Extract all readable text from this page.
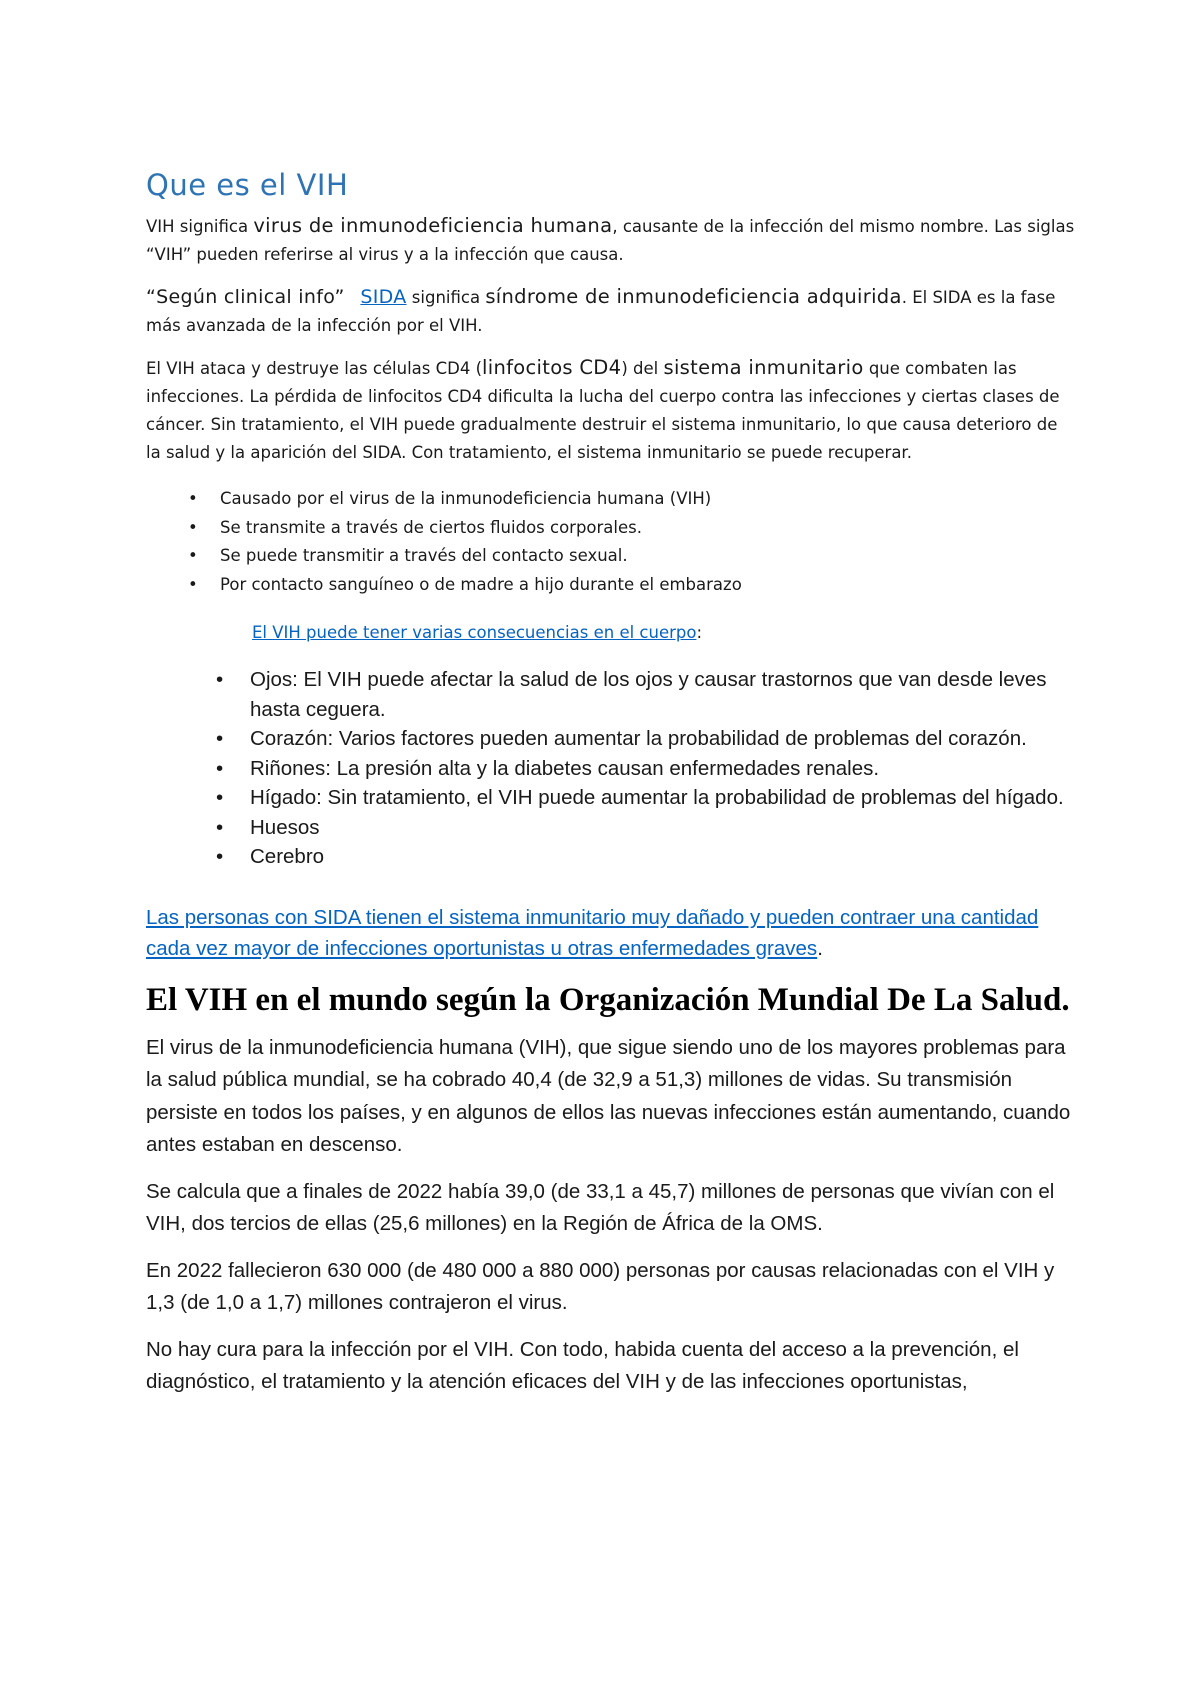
Que es el VIH

VIH significa virus de inmunodeficiencia humana, causante de la infección del mismo nombre. Las siglas “VIH” pueden referirse al virus y a la infección que causa.

“Según clinical info” SIDA significa síndrome de inmunodeficiencia adquirida. El SIDA es la fase más avanzada de la infección por el VIH.

El VIH ataca y destruye las células CD4 (linfocitos CD4) del sistema inmunitario que combaten las infecciones. La pérdida de linfocitos CD4 dificulta la lucha del cuerpo contra las infecciones y ciertas clases de cáncer. Sin tratamiento, el VIH puede gradualmente destruir el sistema inmunitario, lo que causa deterioro de la salud y la aparición del SIDA. Con tratamiento, el sistema inmunitario se puede recuperar.

• Causado por el virus de la inmunodeficiencia humana (VIH)
• Se transmite a través de ciertos fluidos corporales.
• Se puede transmitir a través del contacto sexual.
• Por contacto sanguíneo o de madre a hijo durante el embarazo

El VIH puede tener varias consecuencias en el cuerpo:

• Ojos: El VIH puede afectar la salud de los ojos y causar trastornos que van desde leves hasta ceguera.
• Corazón: Varios factores pueden aumentar la probabilidad de problemas del corazón.
• Riñones: La presión alta y la diabetes causan enfermedades renales.
• Hígado: Sin tratamiento, el VIH puede aumentar la probabilidad de problemas del hígado.
• Huesos
• Cerebro

Las personas con SIDA tienen el sistema inmunitario muy dañado y pueden contraer una cantidad cada vez mayor de infecciones oportunistas u otras enfermedades graves.

El VIH en el mundo según la Organización Mundial De La Salud.

El virus de la inmunodeficiencia humana (VIH), que sigue siendo uno de los mayores problemas para la salud pública mundial, se ha cobrado 40,4 (de 32,9 a 51,3) millones de vidas. Su transmisión persiste en todos los países, y en algunos de ellos las nuevas infecciones están aumentando, cuando antes estaban en descenso.

Se calcula que a finales de 2022 había 39,0 (de 33,1 a 45,7) millones de personas que vivían con el VIH, dos tercios de ellas (25,6 millones) en la Región de África de la OMS.

En 2022 fallecieron 630 000 (de 480 000 a 880 000) personas por causas relacionadas con el VIH y 1,3 (de 1,0 a 1,7) millones contrajeron el virus.

No hay cura para la infección por el VIH. Con todo, habida cuenta del acceso a la prevención, el diagnóstico, el tratamiento y la atención eficaces del VIH y de las infecciones oportunistas,
